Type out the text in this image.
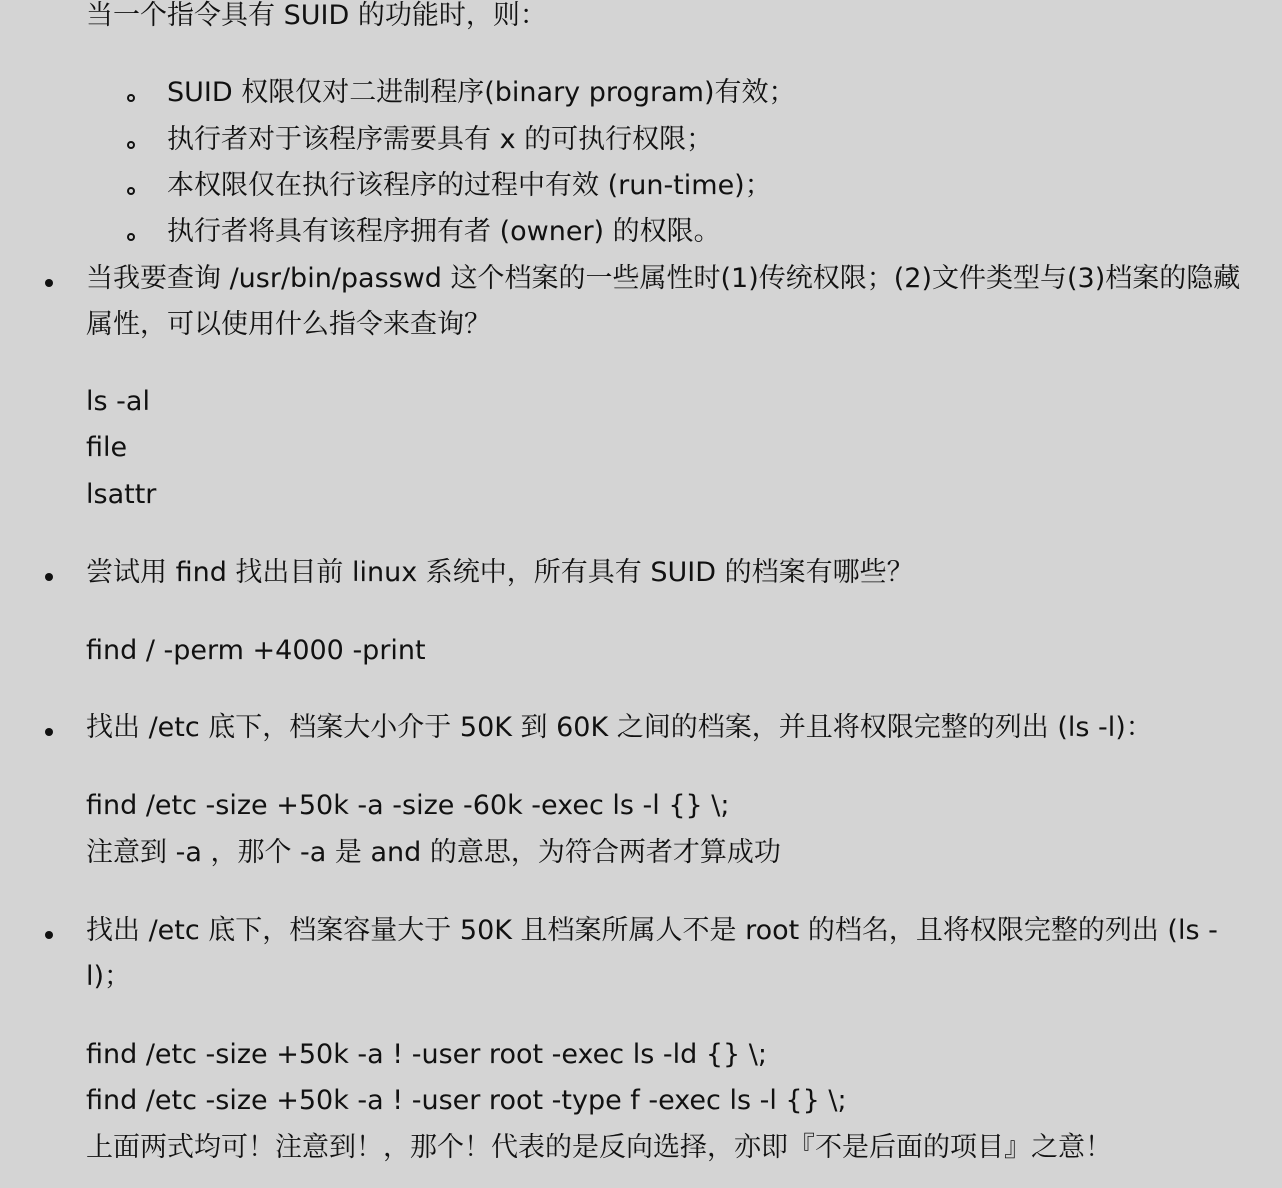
当一个指令具有 SUID 的功能时，则：
SUID 权限仅对二进制程序(binary program)有效；
执行者对于该程序需要具有 x 的可执行权限；
本权限仅在执行该程序的过程中有效 (run-time)；
执行者将具有该程序拥有者 (owner) 的权限。
当我要查询 /usr/bin/passwd 这个档案的一些属性时(1)传统权限；(2)文件类型与(3)档案的隐藏
属性，可以使用什么指令来查询？
ls -al
file
lsattr
尝试用 find 找出目前 linux 系统中，所有具有 SUID 的档案有哪些？
find / -perm +4000 -print
找出 /etc 底下，档案大小介于 50K 到 60K 之间的档案，并且将权限完整的列出 (ls -l)：
find /etc -size +50k -a -size -60k -exec ls -l {} \;
注意到 -a ，那个 -a 是 and 的意思，为符合两者才算成功
找出 /etc 底下，档案容量大于 50K 且档案所属人不是 root 的档名，且将权限完整的列出 (ls -
l)；
find /etc -size +50k -a ! -user root -exec ls -ld {} \;
find /etc -size +50k -a ! -user root -type f -exec ls -l {} \;
上面两式均可！注意到！，那个！代表的是反向选择，亦即『不是后面的项目』之意！
